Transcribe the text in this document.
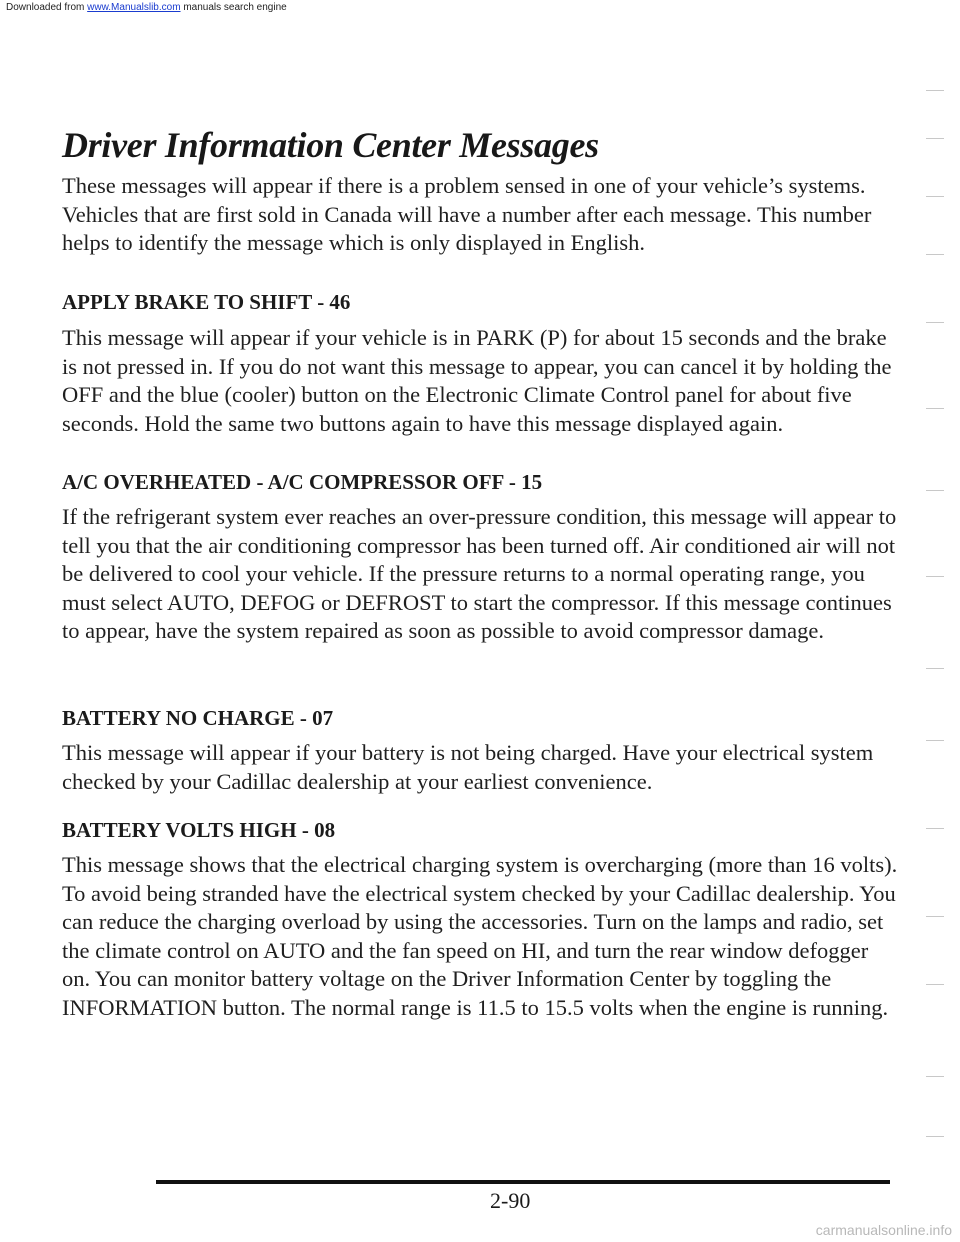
Downloaded from www.Manualslib.com manuals search engine
Driver Information Center Messages
These messages will appear if there is a problem sensed in one of your vehicle’s systems. Vehicles that are first sold in Canada will have a number after each message. This number helps to identify the message which is only displayed in English.
APPLY BRAKE TO SHIFT - 46
This message will appear if your vehicle is in PARK (P) for about 15 seconds and the brake is not pressed in. If you do not want this message to appear, you can cancel it by holding the OFF and the blue (cooler) button on the Electronic Climate Control panel for about five seconds. Hold the same two buttons again to have this message displayed again.
A/C OVERHEATED - A/C COMPRESSOR OFF - 15
If the refrigerant system ever reaches an over-pressure condition, this message will appear to tell you that the air conditioning compressor has been turned off. Air conditioned air will not be delivered to cool your vehicle. If the pressure returns to a normal operating range, you must select AUTO, DEFOG or DEFROST to start the compressor. If this message continues to appear, have the system repaired as soon as possible to avoid compressor damage.
BATTERY NO CHARGE - 07
This message will appear if your battery is not being charged. Have your electrical system checked by your Cadillac dealership at your earliest convenience.
BATTERY VOLTS HIGH - 08
This message shows that the electrical charging system is overcharging (more than 16 volts). To avoid being stranded have the electrical system checked by your Cadillac dealership. You can reduce the charging overload by using the accessories. Turn on the lamps and radio, set the climate control on AUTO and the fan speed on HI, and turn the rear window defogger on. You can monitor battery voltage on the Driver Information Center by toggling the INFORMATION button. The normal range is 11.5 to 15.5 volts when the engine is running.
2-90
carmanualsonline.info
